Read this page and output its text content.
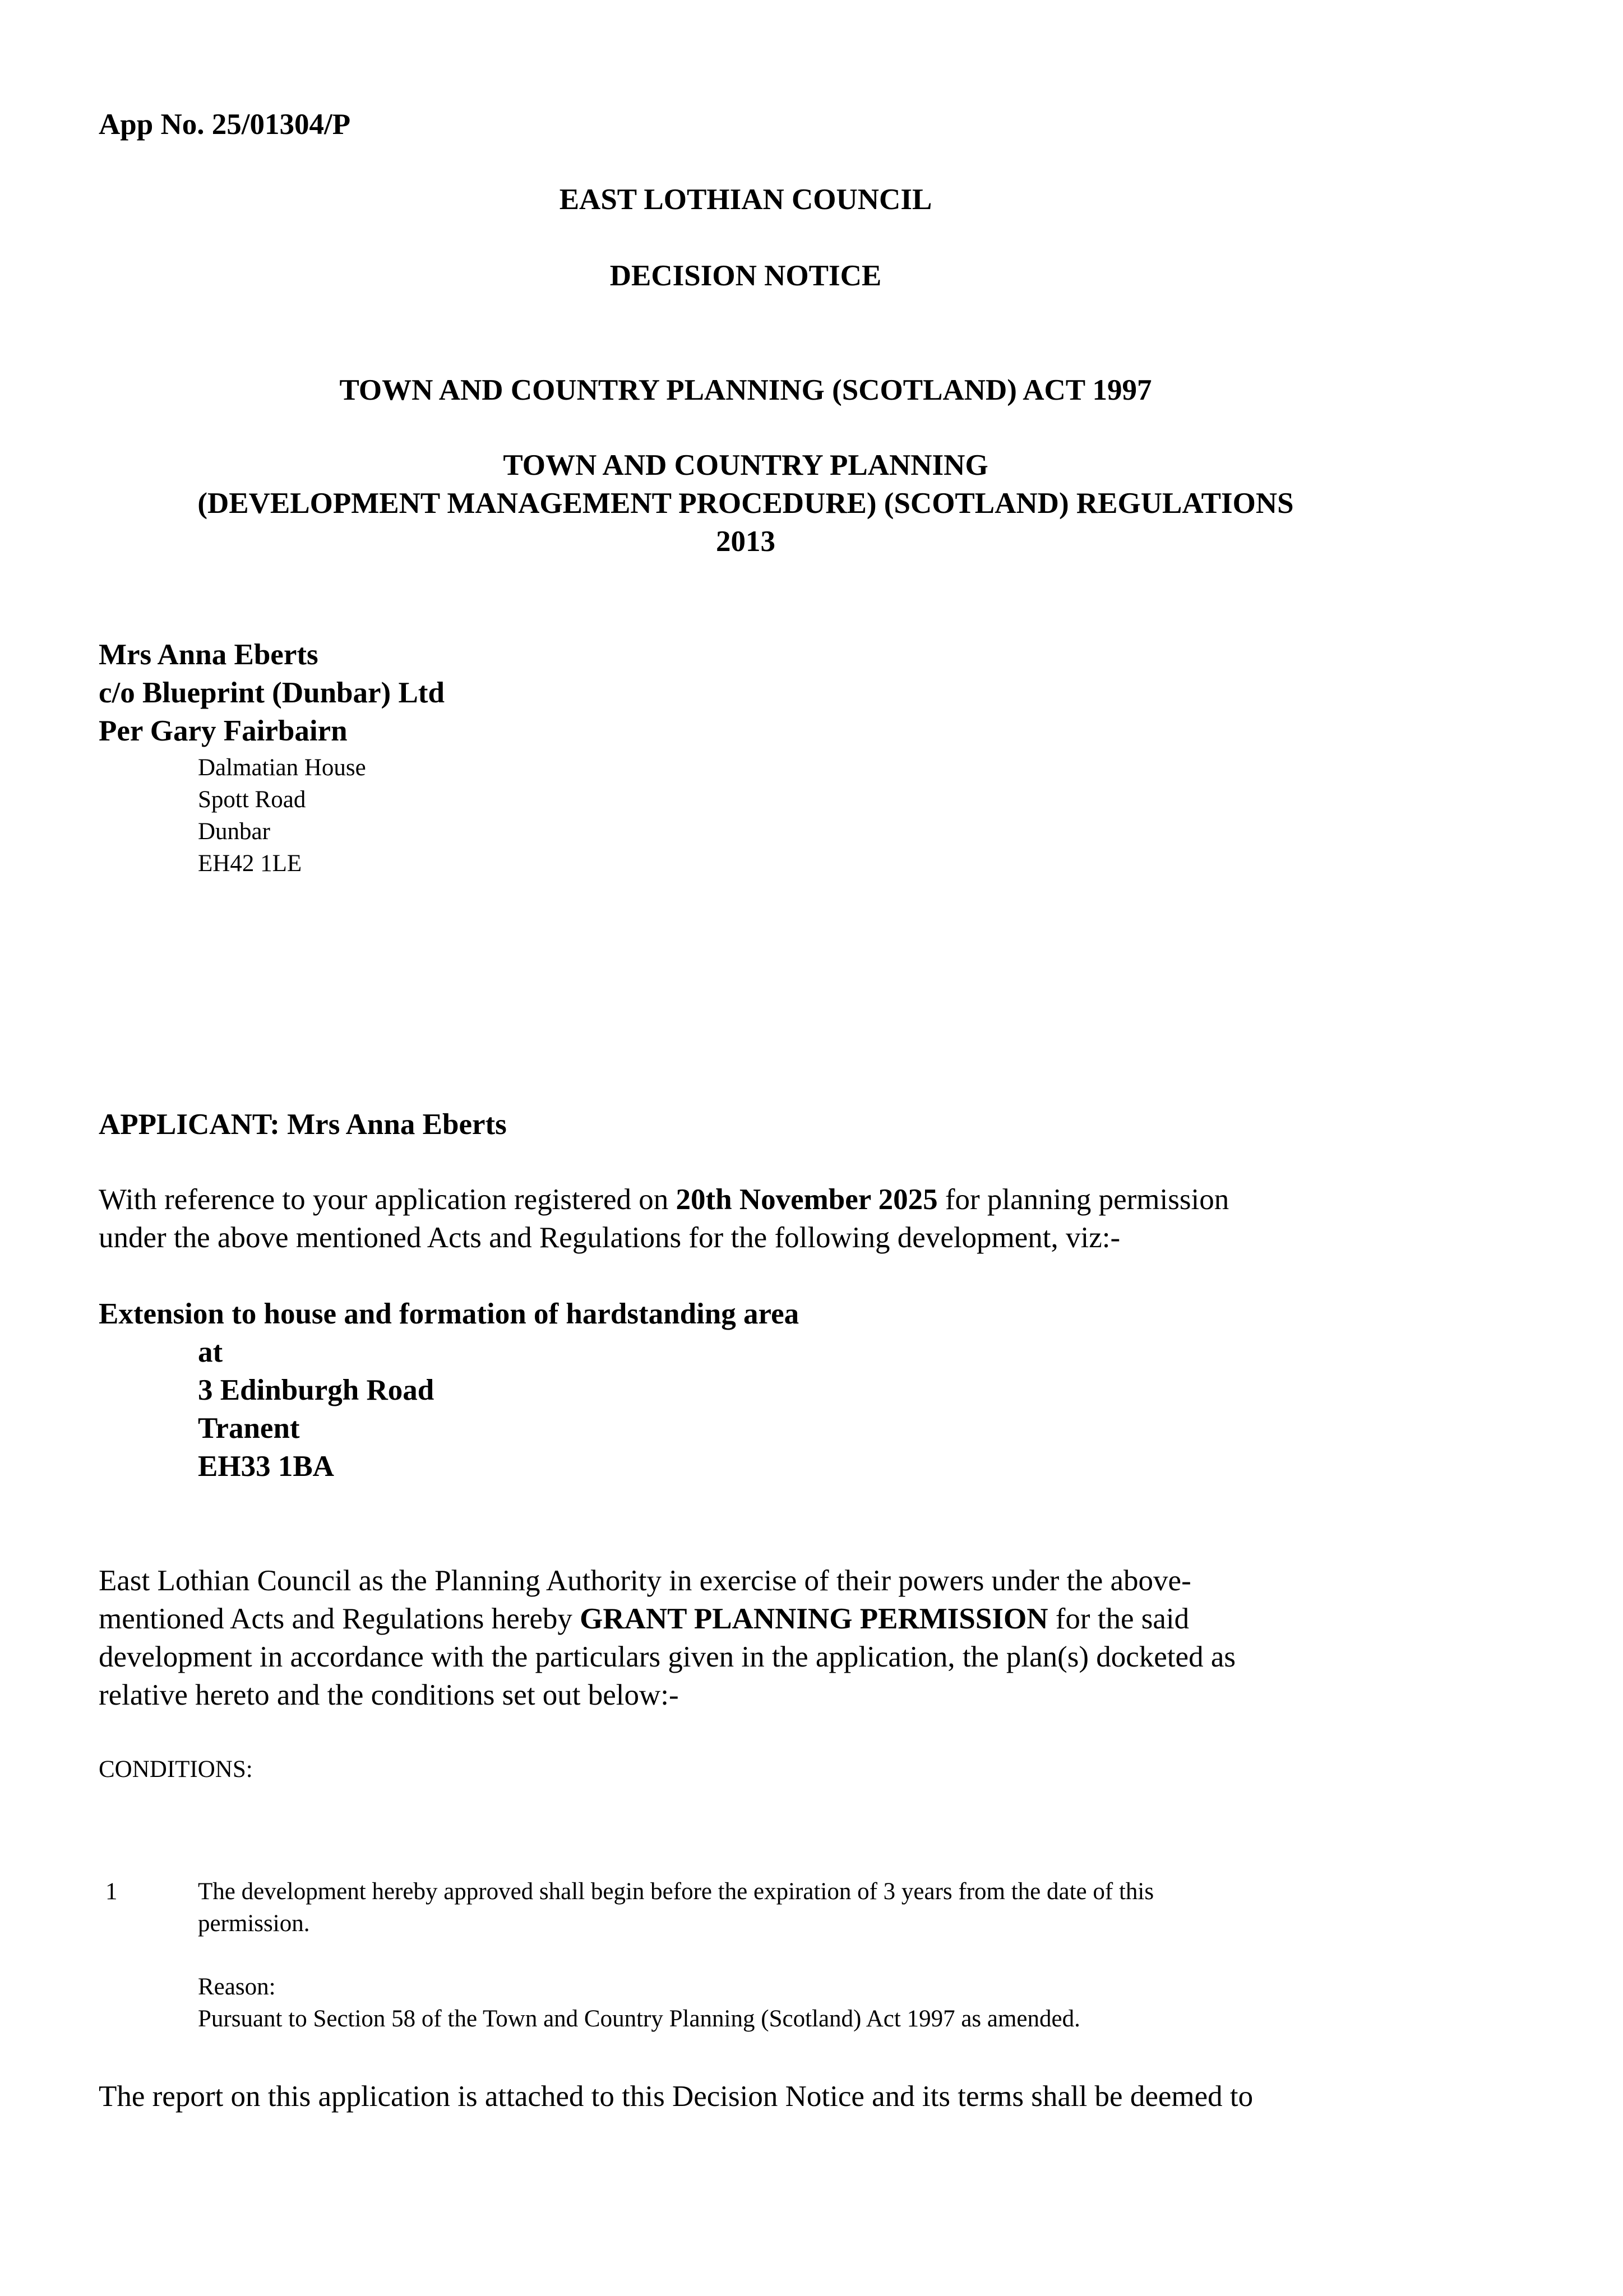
App No. 25/01304/P
EAST LOTHIAN COUNCIL
DECISION NOTICE
TOWN AND COUNTRY PLANNING (SCOTLAND) ACT 1997
TOWN AND COUNTRY PLANNING
(DEVELOPMENT MANAGEMENT PROCEDURE) (SCOTLAND) REGULATIONS
2013
Mrs Anna Eberts
c/o Blueprint (Dunbar) Ltd
Per Gary Fairbairn
Dalmatian House
Spott Road
Dunbar
EH42 1LE
APPLICANT: Mrs Anna Eberts

With reference to your application registered on 20th November 2025 for planning permission

under the above mentioned Acts and Regulations for the following development, viz:-

Extension to house and formation of hardstanding area
at
3 Edinburgh Road
Tranent
EH33 1BA

East Lothian Council as the Planning Authority in exercise of their powers under the above-

mentioned Acts and Regulations hereby GRANT PLANNING PERMISSION for the said

development in accordance with the particulars given in the application, the plan(s) docketed as

relative hereto and the conditions set out below:-

CONDITIONS:
1	The development hereby approved shall begin before the expiration of 3 years from the date of this
permission.
Reason:
Pursuant to Section 58 of the Town and Country Planning (Scotland) Act 1997 as amended.
The report on this application is attached to this Decision Notice and its terms shall be deemed to
